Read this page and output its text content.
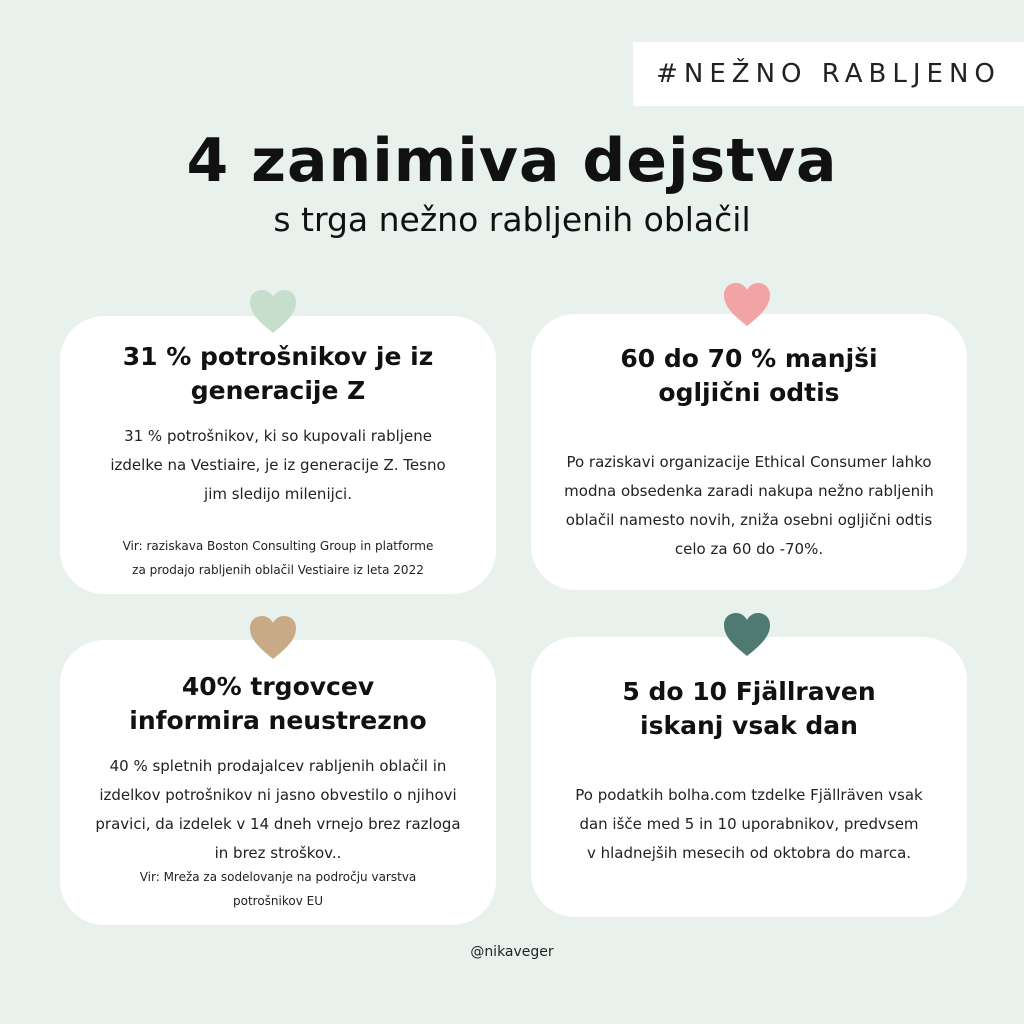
#NEŽNO RABLJENO
4 zanimiva dejstva
s trga nežno rabljenih oblačil
31 % potrošnikov je iz
generacije Z
31 % potrošnikov, ki so kupovali rabljene
izdelke na Vestiaire, je iz generacije Z. Tesno
jim sledijo milenijci.
Vir: raziskava Boston Consulting Group in platforme
za prodajo rabljenih oblačil Vestiaire iz leta 2022
60 do 70 % manjši
ogljični odtis
Po raziskavi organizacije Ethical Consumer lahko
modna obsedenka zaradi nakupa nežno rabljenih
oblačil namesto novih, zniža osebni ogljični odtis
celo za 60 do -70%.
40% trgovcev
informira neustrezno
40 % spletnih prodajalcev rabljenih oblačil in
izdelkov potrošnikov ni jasno obvestilo o njihovi
pravici, da izdelek v 14 dneh vrnejo brez razloga
in brez stroškov..
Vir: Mreža za sodelovanje na področju varstva
potrošnikov EU
5 do 10 Fjällraven
iskanj vsak dan
Po podatkih bolha.com tzdelke Fjällräven vsak
dan išče med 5 in 10 uporabnikov, predvsem
v hladnejših mesecih od oktobra do marca.
@nikaveger
